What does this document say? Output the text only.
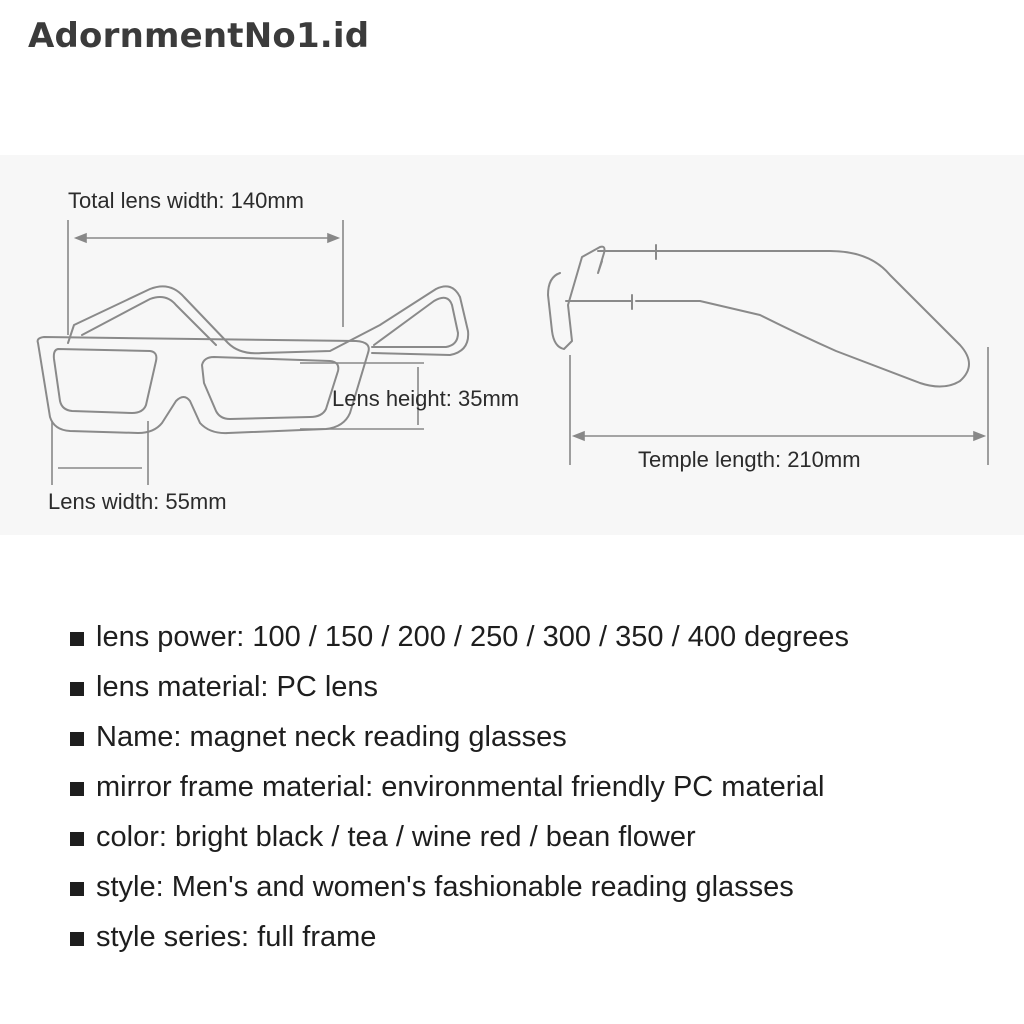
AdornmentNo1.id
Total lens width: 140mm
Lens height: 35mm
Lens width: 55mm
Temple length: 210mm
lens power: 100 / 150 / 200 / 250 / 300 / 350 / 400 degrees
lens material: PC lens
Name: magnet neck reading glasses
mirror frame material: environmental friendly PC material
color: bright black / tea / wine red / bean flower
style: Men's and women's fashionable reading glasses
style series: full frame
